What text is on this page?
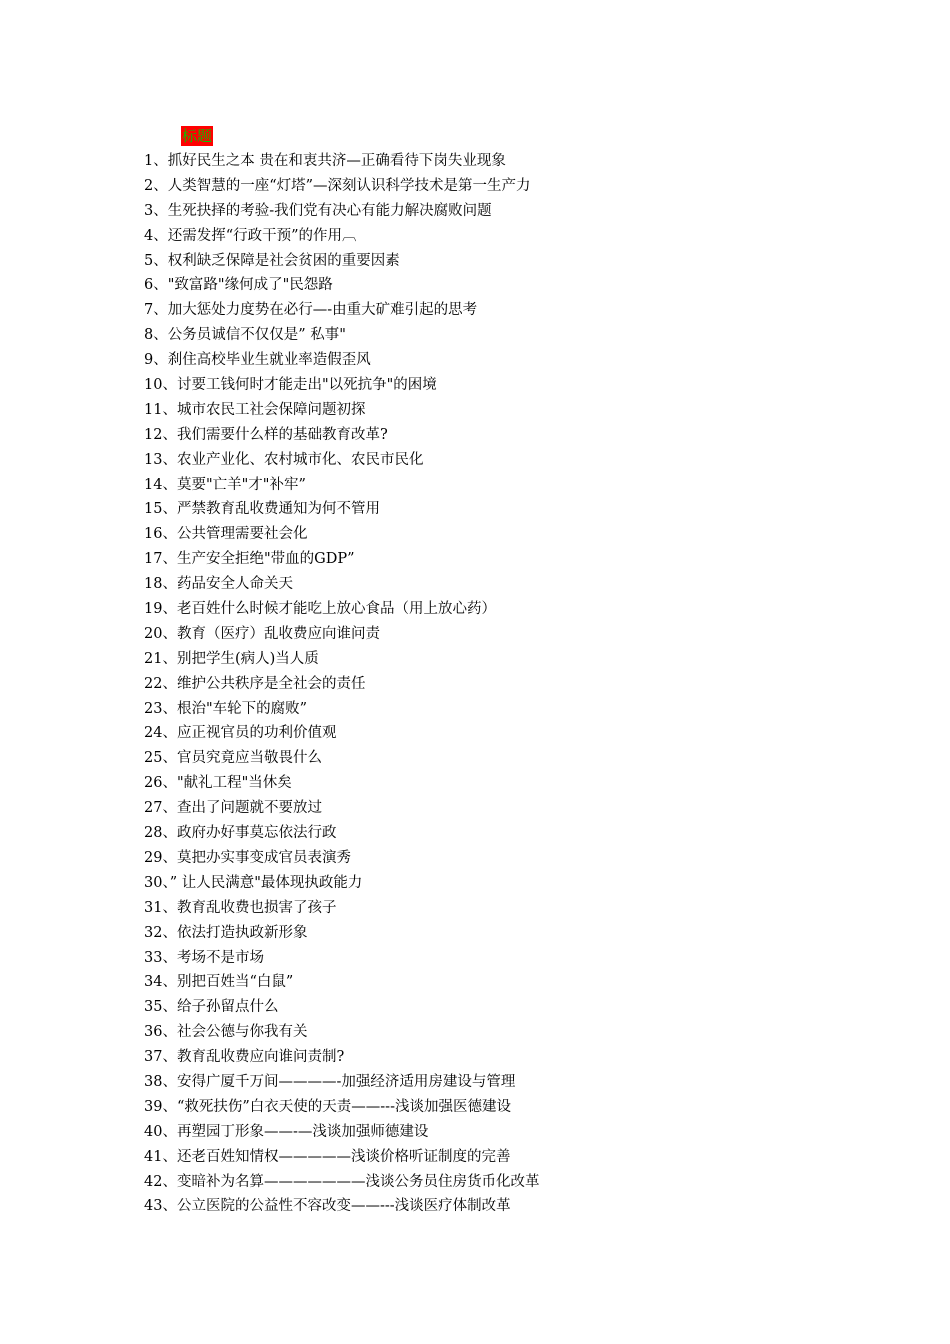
标题
1、抓好民生之本 贵在和衷共济—正确看待下岗失业现象
2、人类智慧的一座“灯塔”—深刻认识科学技术是第一生产力
3、生死抉择的考验-我们党有决心有能力解决腐败问题
4、还需发挥“行政干预”的作用︹
5、权利缺乏保障是社会贫困的重要因素
6、"致富路"缘何成了"民怨路
7、加大惩处力度势在必行—-由重大矿难引起的思考
8、公务员诚信不仅仅是” 私事"
9、刹住高校毕业生就业率造假歪风
10、讨要工钱何时才能走出"以死抗争"的困境
11、城市农民工社会保障问题初探
12、我们需要什么样的基础教育改革?
13、农业产业化、农村城市化、农民市民化
14、莫要"亡羊"才"补牢”
15、严禁教育乱收费通知为何不管用
16、公共管理需要社会化
17、生产安全拒绝"带血的GDP”
18、药品安全人命关天
19、老百姓什么时候才能吃上放心食品（用上放心药）
20、教育（医疗）乱收费应向谁问责
21、别把学生(病人)当人质
22、维护公共秩序是全社会的责任
23、根治"车轮下的腐败”
24、应正视官员的功利价值观
25、官员究竟应当敬畏什么
26、"献礼工程"当休矣
27、查出了问题就不要放过
28、政府办好事莫忘依法行政
29、莫把办实事变成官员表演秀
30、” 让人民满意"最体现执政能力
31、教育乱收费也损害了孩子
32、依法打造执政新形象
33、考场不是市场
34、别把百姓当“白鼠”
35、给子孙留点什么
36、社会公德与你我有关
37、教育乱收费应向谁问责制?
38、安得广厦千万间————-加强经济适用房建设与管理
39、“救死扶伤”白衣天使的天责——---浅谈加强医德建设
40、再塑园丁形象——-—浅谈加强师德建设
41、还老百姓知情权—————浅谈价格听证制度的完善
42、变暗补为名算———————浅谈公务员住房货币化改革
43、公立医院的公益性不容改变——---浅谈医疗体制改革
